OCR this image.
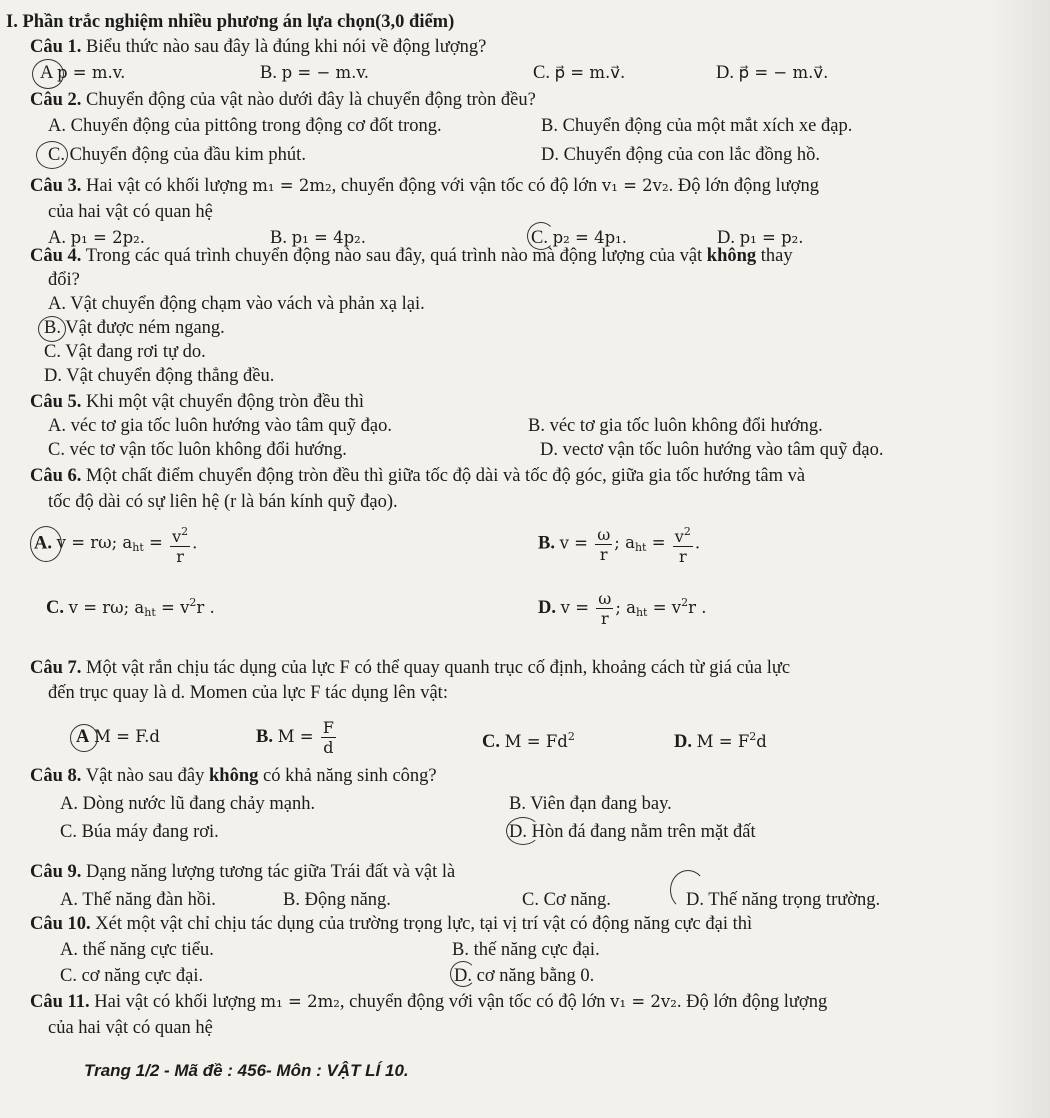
I. Phần trắc nghiệm nhiều phương án lựa chọn(3,0 điểm)
Câu 1. Biểu thức nào sau đây là đúng khi nói về động lượng?
A p = m.v.	B. p = − m.v.	C. p⃗ = m.v⃗.	D. p⃗ = − m.v⃗.
Câu 2. Chuyển động của vật nào dưới đây là chuyển động tròn đều?
A. Chuyển động của pittông trong động cơ đốt trong.	B. Chuyển động của một mắt xích xe đạp.
C. Chuyển động của đầu kim phút.	D. Chuyển động của con lắc đồng hồ.
Câu 3. Hai vật có khối lượng m₁ = 2m₂, chuyển động với vận tốc có độ lớn v₁ = 2v₂. Độ lớn động lượng
của hai vật có quan hệ
A. p₁ = 2p₂.	B. p₁ = 4p₂.	C. p₂ = 4p₁.	D. p₁ = p₂.
Câu 4. Trong các quá trình chuyển động nào sau đây, quá trình nào mà động lượng của vật không thay
đổi?
A. Vật chuyển động chạm vào vách và phản xạ lại.
B. Vật được ném ngang.
C. Vật đang rơi tự do.
D. Vật chuyển động thẳng đều.
Câu 5. Khi một vật chuyển động tròn đều thì
A. véc tơ gia tốc luôn hướng vào tâm quỹ đạo.	B. véc tơ gia tốc luôn không đổi hướng.
C. véc tơ vận tốc luôn không đổi hướng.	D. vectơ vận tốc luôn hướng vào tâm quỹ đạo.
Câu 6. Một chất điểm chuyển động tròn đều thì giữa tốc độ dài và tốc độ góc, giữa gia tốc hướng tâm và
tốc độ dài có sự liên hệ (r là bán kính quỹ đạo).
A. v = rω; $a_{ht} = \frac{v^2}{r}$ .	B. $v = \frac{\omega}{r}$ ; $a_{ht} = \frac{v^2}{r}$ .
C. v = rω; $a_{ht} = v^2r$ .	D. $v = \frac{\omega}{r}$ ; $a_{ht} = v^2r$ .
Câu 7. Một vật rắn chịu tác dụng của lực F có thể quay quanh trục cố định, khoảng cách từ giá của lực
đến trục quay là d. Momen của lực F tác dụng lên vật:
A M = F.d	B. $M = \frac{F}{d}$	C. $M = Fd^2$	D. $M = F^2d$
Câu 8. Vật nào sau đây không có khả năng sinh công?
A. Dòng nước lũ đang chảy mạnh.	B. Viên đạn đang bay.
C. Búa máy đang rơi.	D. Hòn đá đang nằm trên mặt đất
Câu 9. Dạng năng lượng tương tác giữa Trái đất và vật là
A. Thế năng đàn hồi.	B. Động năng.	C. Cơ năng.	D. Thế năng trọng trường.
Câu 10. Xét một vật chỉ chịu tác dụng của trường trọng lực, tại vị trí vật có động năng cực đại thì
A. thế năng cực tiểu.	B. thế năng cực đại.
C. cơ năng cực đại.	D. cơ năng bằng 0.
Câu 11. Hai vật có khối lượng m₁ = 2m₂, chuyển động với vận tốc có độ lớn v₁ = 2v₂. Độ lớn động lượng
của hai vật có quan hệ
Trang 1/2 - Mã đề : 456- Môn : VẬT LÍ 10.
